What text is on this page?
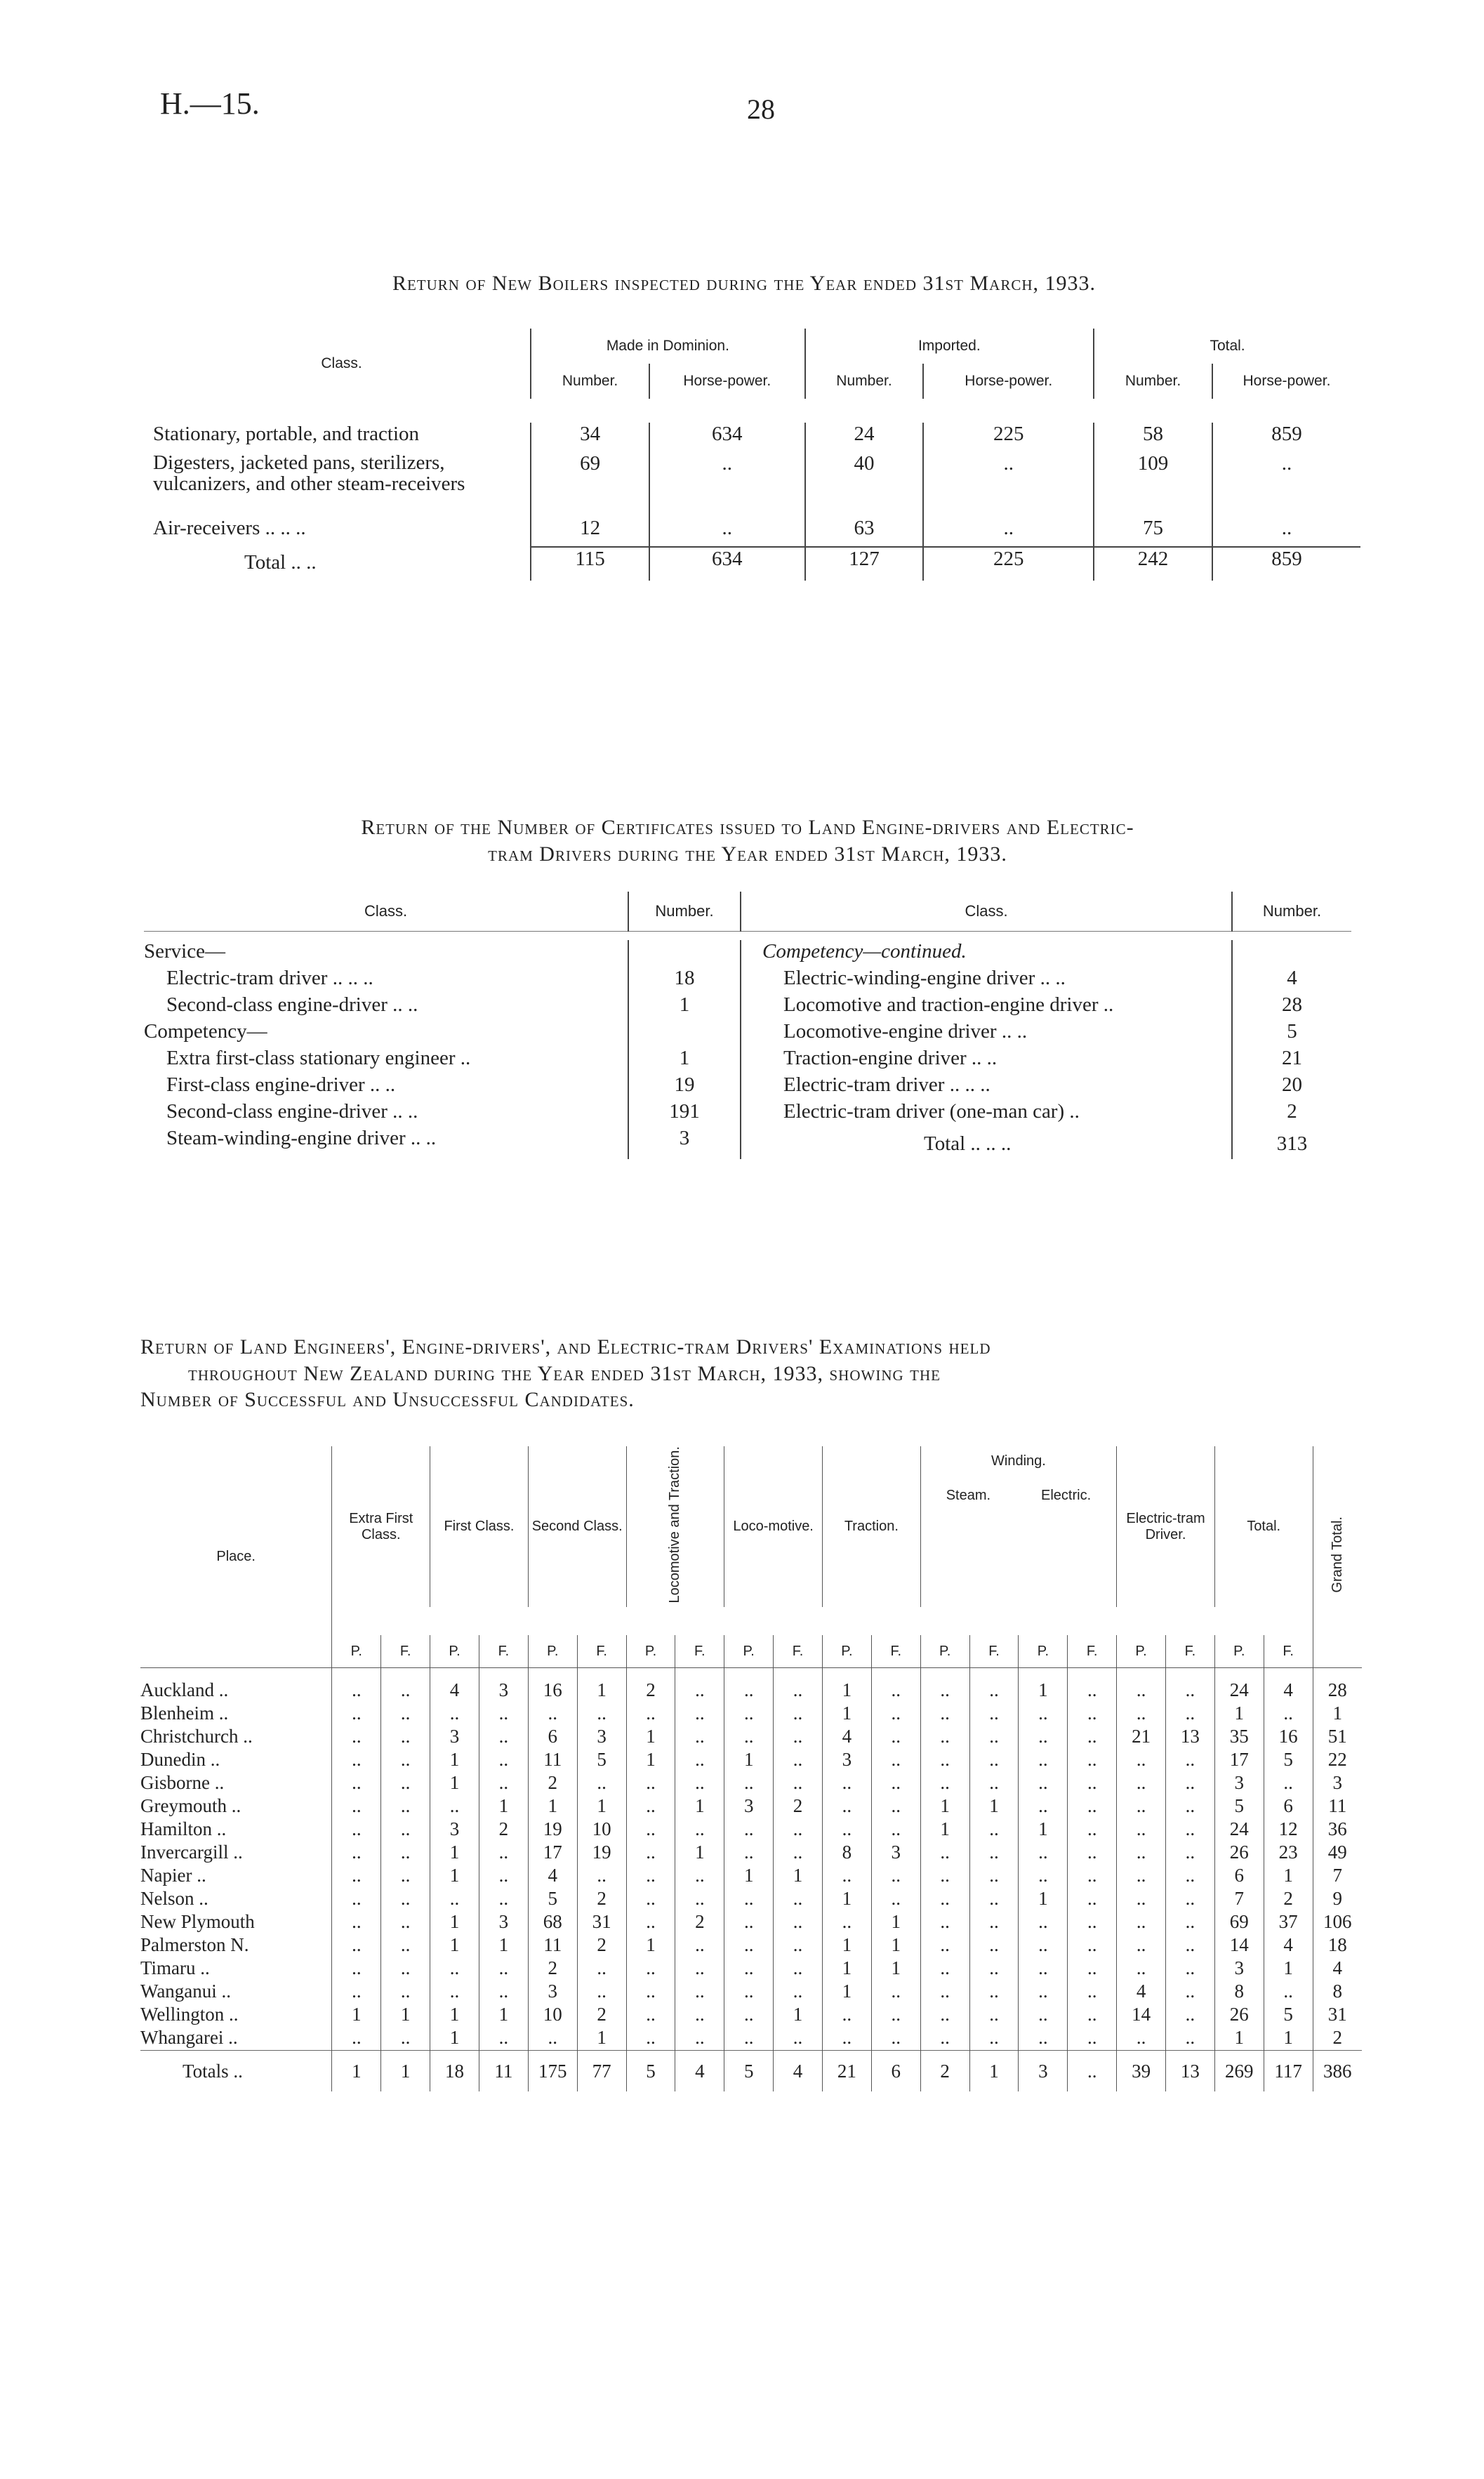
H.—15.	28
Return of New Boilers inspected during the Year ended 31st March, 1933.
Class.	Made in Dominion.		Imported.		Total.	
	Number.	Horse-power.	Number.	Horse-power.	Number.	Horse-power.

Stationary, portable, and traction	34	634	24	225	58	859
Digesters, jacketed pans, sterilizers, vulcanizers, and other steam-receivers	69	..	40	..	109	..
Air-receivers .. .. ..	12	..	63	..	75	..
Total .. ..	115	634	127	225	242	859
Return of the Number of Certificates issued to Land Engine-drivers and Electric-
tram Drivers during the Year ended 31st March, 1933.
Class.	Number.	Class.	Number.

Service—		Competency—continued.	
Electric-tram driver .. .. ..	18	Electric-winding-engine driver .. ..	4
Second-class engine-driver .. ..	1	Locomotive and traction-engine driver ..	28
Competency—		Locomotive-engine driver .. ..	5
Extra first-class stationary engineer ..	1	Traction-engine driver .. ..	21
First-class engine-driver .. ..	19	Electric-tram driver .. .. ..	20
Second-class engine-driver .. ..	191	Electric-tram driver (one-man car) ..	2
Steam-winding-engine driver .. ..	3	Total .. .. ..	313
Return of Land Engineers', Engine-drivers', and Electric-tram Drivers' Examinations held
throughout New Zealand during the Year ended 31st March, 1933, showing the
Number of Successful and Unsuccessful Candidates.
Place.	Extra First Class.		First Class.		Second Class.		Locomotive and Traction.		Loco-motive.		Traction.		Winding.
Steam. Electric.				Electric-tram Driver.		Total.		Grand Total.

	P.	F.	P.	F.	P.	F.	P.	F.	P.	F.	P.	F.	P.	F.	P.	F.	P.	F.	P.	F.	
Auckland ..	..	..	4	3	16	1	2	..	..	..	1	..	..	..	1	..	..	..	24	4	28
Blenheim ..	..	..	..	..	..	..	..	..	..	..	1	..	..	..	..	..	..	..	1	..	1
Christchurch ..	..	..	3	..	6	3	1	..	..	..	4	..	..	..	..	..	21	13	35	16	51
Dunedin ..	..	..	1	..	11	5	1	..	1	..	3	..	..	..	..	..	..	..	17	5	22
Gisborne ..	..	..	1	..	2	..	..	..	..	..	..	..	..	..	..	..	..	..	3	..	3
Greymouth ..	..	..	..	1	1	1	..	1	3	2	..	..	1	1	..	..	..	..	5	6	11
Hamilton ..	..	..	3	2	19	10	..	..	..	..	..	..	1	..	1	..	..	..	24	12	36
Invercargill ..	..	..	1	..	17	19	..	1	..	..	8	3	..	..	..	..	..	..	26	23	49
Napier ..	..	..	1	..	4	..	..	..	1	1	..	..	..	..	..	..	..	..	6	1	7
Nelson ..	..	..	..	..	5	2	..	..	..	..	1	..	..	..	1	..	..	..	7	2	9
New Plymouth	..	..	1	3	68	31	..	2	..	..	..	1	..	..	..	..	..	..	69	37	106
Palmerston N.	..	..	1	1	11	2	1	..	..	..	1	1	..	..	..	..	..	..	14	4	18
Timaru ..	..	..	..	..	2	..	..	..	..	..	1	1	..	..	..	..	..	..	3	1	4
Wanganui ..	..	..	..	..	3	..	..	..	..	..	1	..	..	..	..	..	4	..	8	..	8
Wellington ..	1	1	1	1	10	2	..	..	..	1	..	..	..	..	..	..	14	..	26	5	31
Whangarei ..	..	..	1	..	..	1	..	..	..	..	..	..	..	..	..	..	..	..	1	1	2
Totals ..	1	1	18	11	175	77	5	4	5	4	21	6	2	1	3	..	39	13	269	117	386
